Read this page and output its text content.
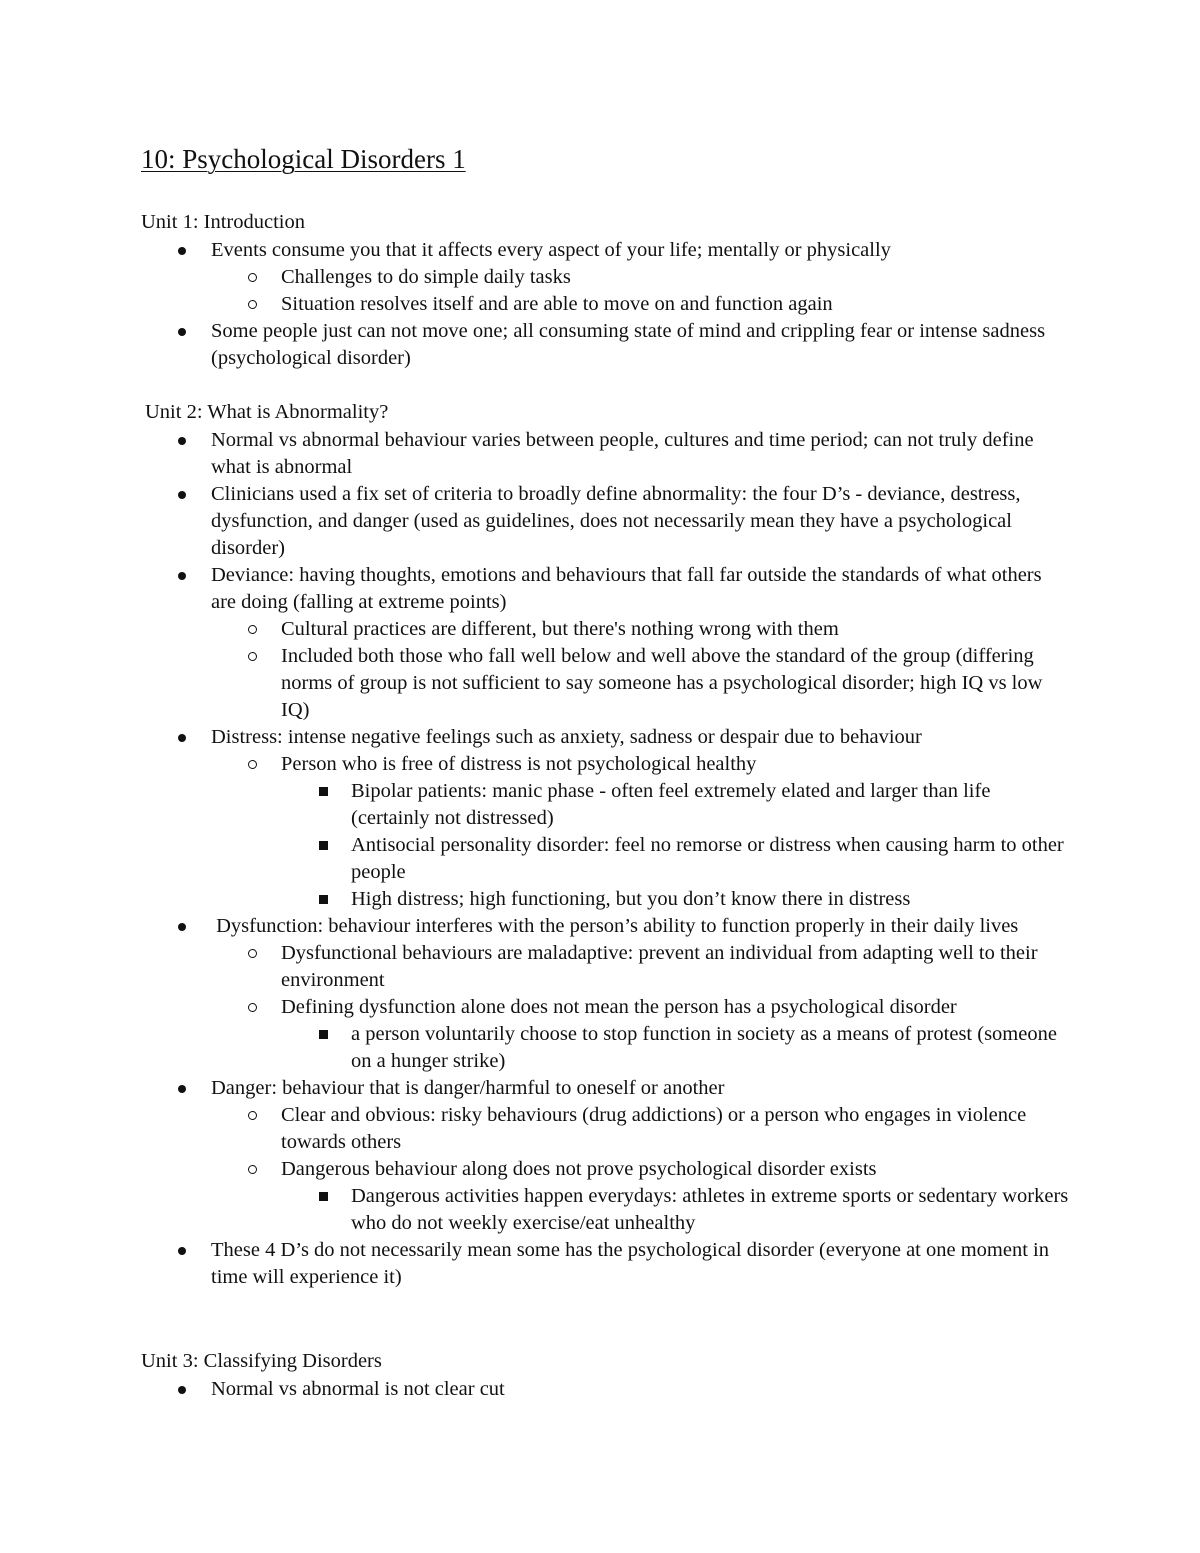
10: Psychological Disorders 1
Unit 1: Introduction
Events consume you that it affects every aspect of your life; mentally or physically
Challenges to do simple daily tasks
Situation resolves itself and are able to move on and function again
Some people just can not move one; all consuming state of mind and crippling fear or intense sadness (psychological disorder)
Unit 2: What is Abnormality?
Normal vs abnormal behaviour varies between people, cultures and time period; can not truly define what is abnormal
Clinicians used a fix set of criteria to broadly define abnormality: the four D’s - deviance, destress, dysfunction, and danger (used as guidelines, does not necessarily mean they have a psychological disorder)
Deviance: having thoughts, emotions and behaviours that fall far outside the standards of what others are doing (falling at extreme points)
Cultural practices are different, but there's nothing wrong with them
Included both those who fall well below and well above the standard of the group (differing norms of group is not sufficient to say someone has a psychological disorder; high IQ vs low IQ)
Distress: intense negative feelings such as anxiety, sadness or despair due to behaviour
Person who is free of distress is not psychological healthy
Bipolar patients: manic phase - often feel extremely elated and larger than life (certainly not distressed)
Antisocial personality disorder: feel no remorse or distress when causing harm to other people
High distress; high functioning, but you don’t know there in distress
Dysfunction: behaviour interferes with the person’s ability to function properly in their daily lives
Dysfunctional behaviours are maladaptive: prevent an individual from adapting well to their environment
Defining dysfunction alone does not mean the person has a psychological disorder
a person voluntarily choose to stop function in society as a means of protest (someone on a hunger strike)
Danger: behaviour that is danger/harmful to oneself or another
Clear and obvious: risky behaviours (drug addictions) or a person who engages in violence towards others
Dangerous behaviour along does not prove psychological disorder exists
Dangerous activities happen everydays: athletes in extreme sports or sedentary workers who do not weekly exercise/eat unhealthy
These 4 D’s do not necessarily mean some has the psychological disorder (everyone at one moment in time will experience it)
Unit 3: Classifying Disorders
Normal vs abnormal is not clear cut
